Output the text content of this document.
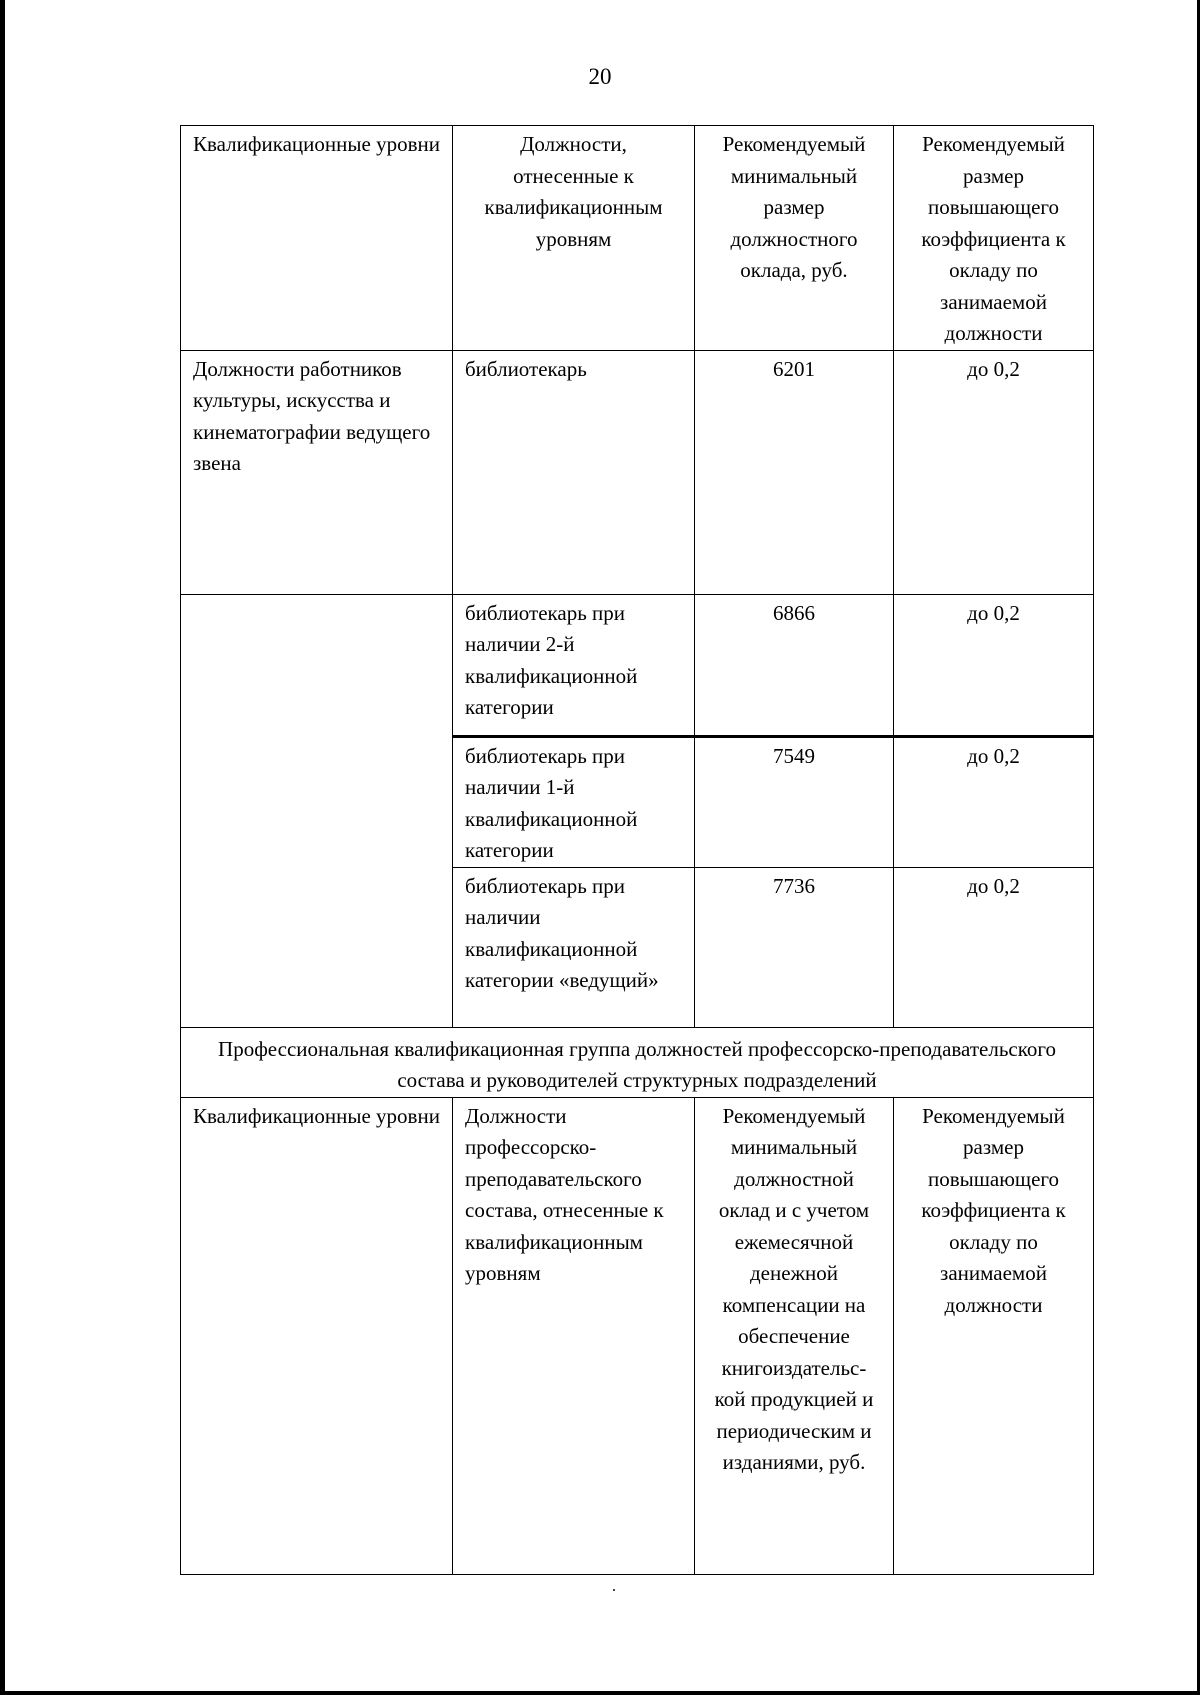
20
Квалификационные уровни	Должности, отнесенные к квалификационным уровням	Рекомендуемый минимальный размер должностного оклада, руб.	Рекомендуемый размер повышающего коэффициента к окладу по занимаемой должности
Должности работников культуры, искусства и кинематографии ведущего звена	библиотекарь	6201	до 0,2
	библиотекарь при наличии 2-й квалификационной категории	6866	до 0,2
	библиотекарь при наличии 1-й квалификационной категории	7549	до 0,2
	библиотекарь при наличии квалификационной категории «ведущий»	7736	до 0,2
Профессиональная квалификационная группа должностей профессорско-преподавательского состава и руководителей структурных подразделений			
Квалификационные уровни	Должности профессорско-преподавательского состава, отнесенные к квалификационным уровням	Рекомендуемый минимальный должностной оклад и с учетом ежемесячной денежной компенсации на обеспечение книгоиздательс-кой продукцией и периодическим и изданиями, руб.	Рекомендуемый размер повышающего коэффициента к окладу по занимаемой должности
